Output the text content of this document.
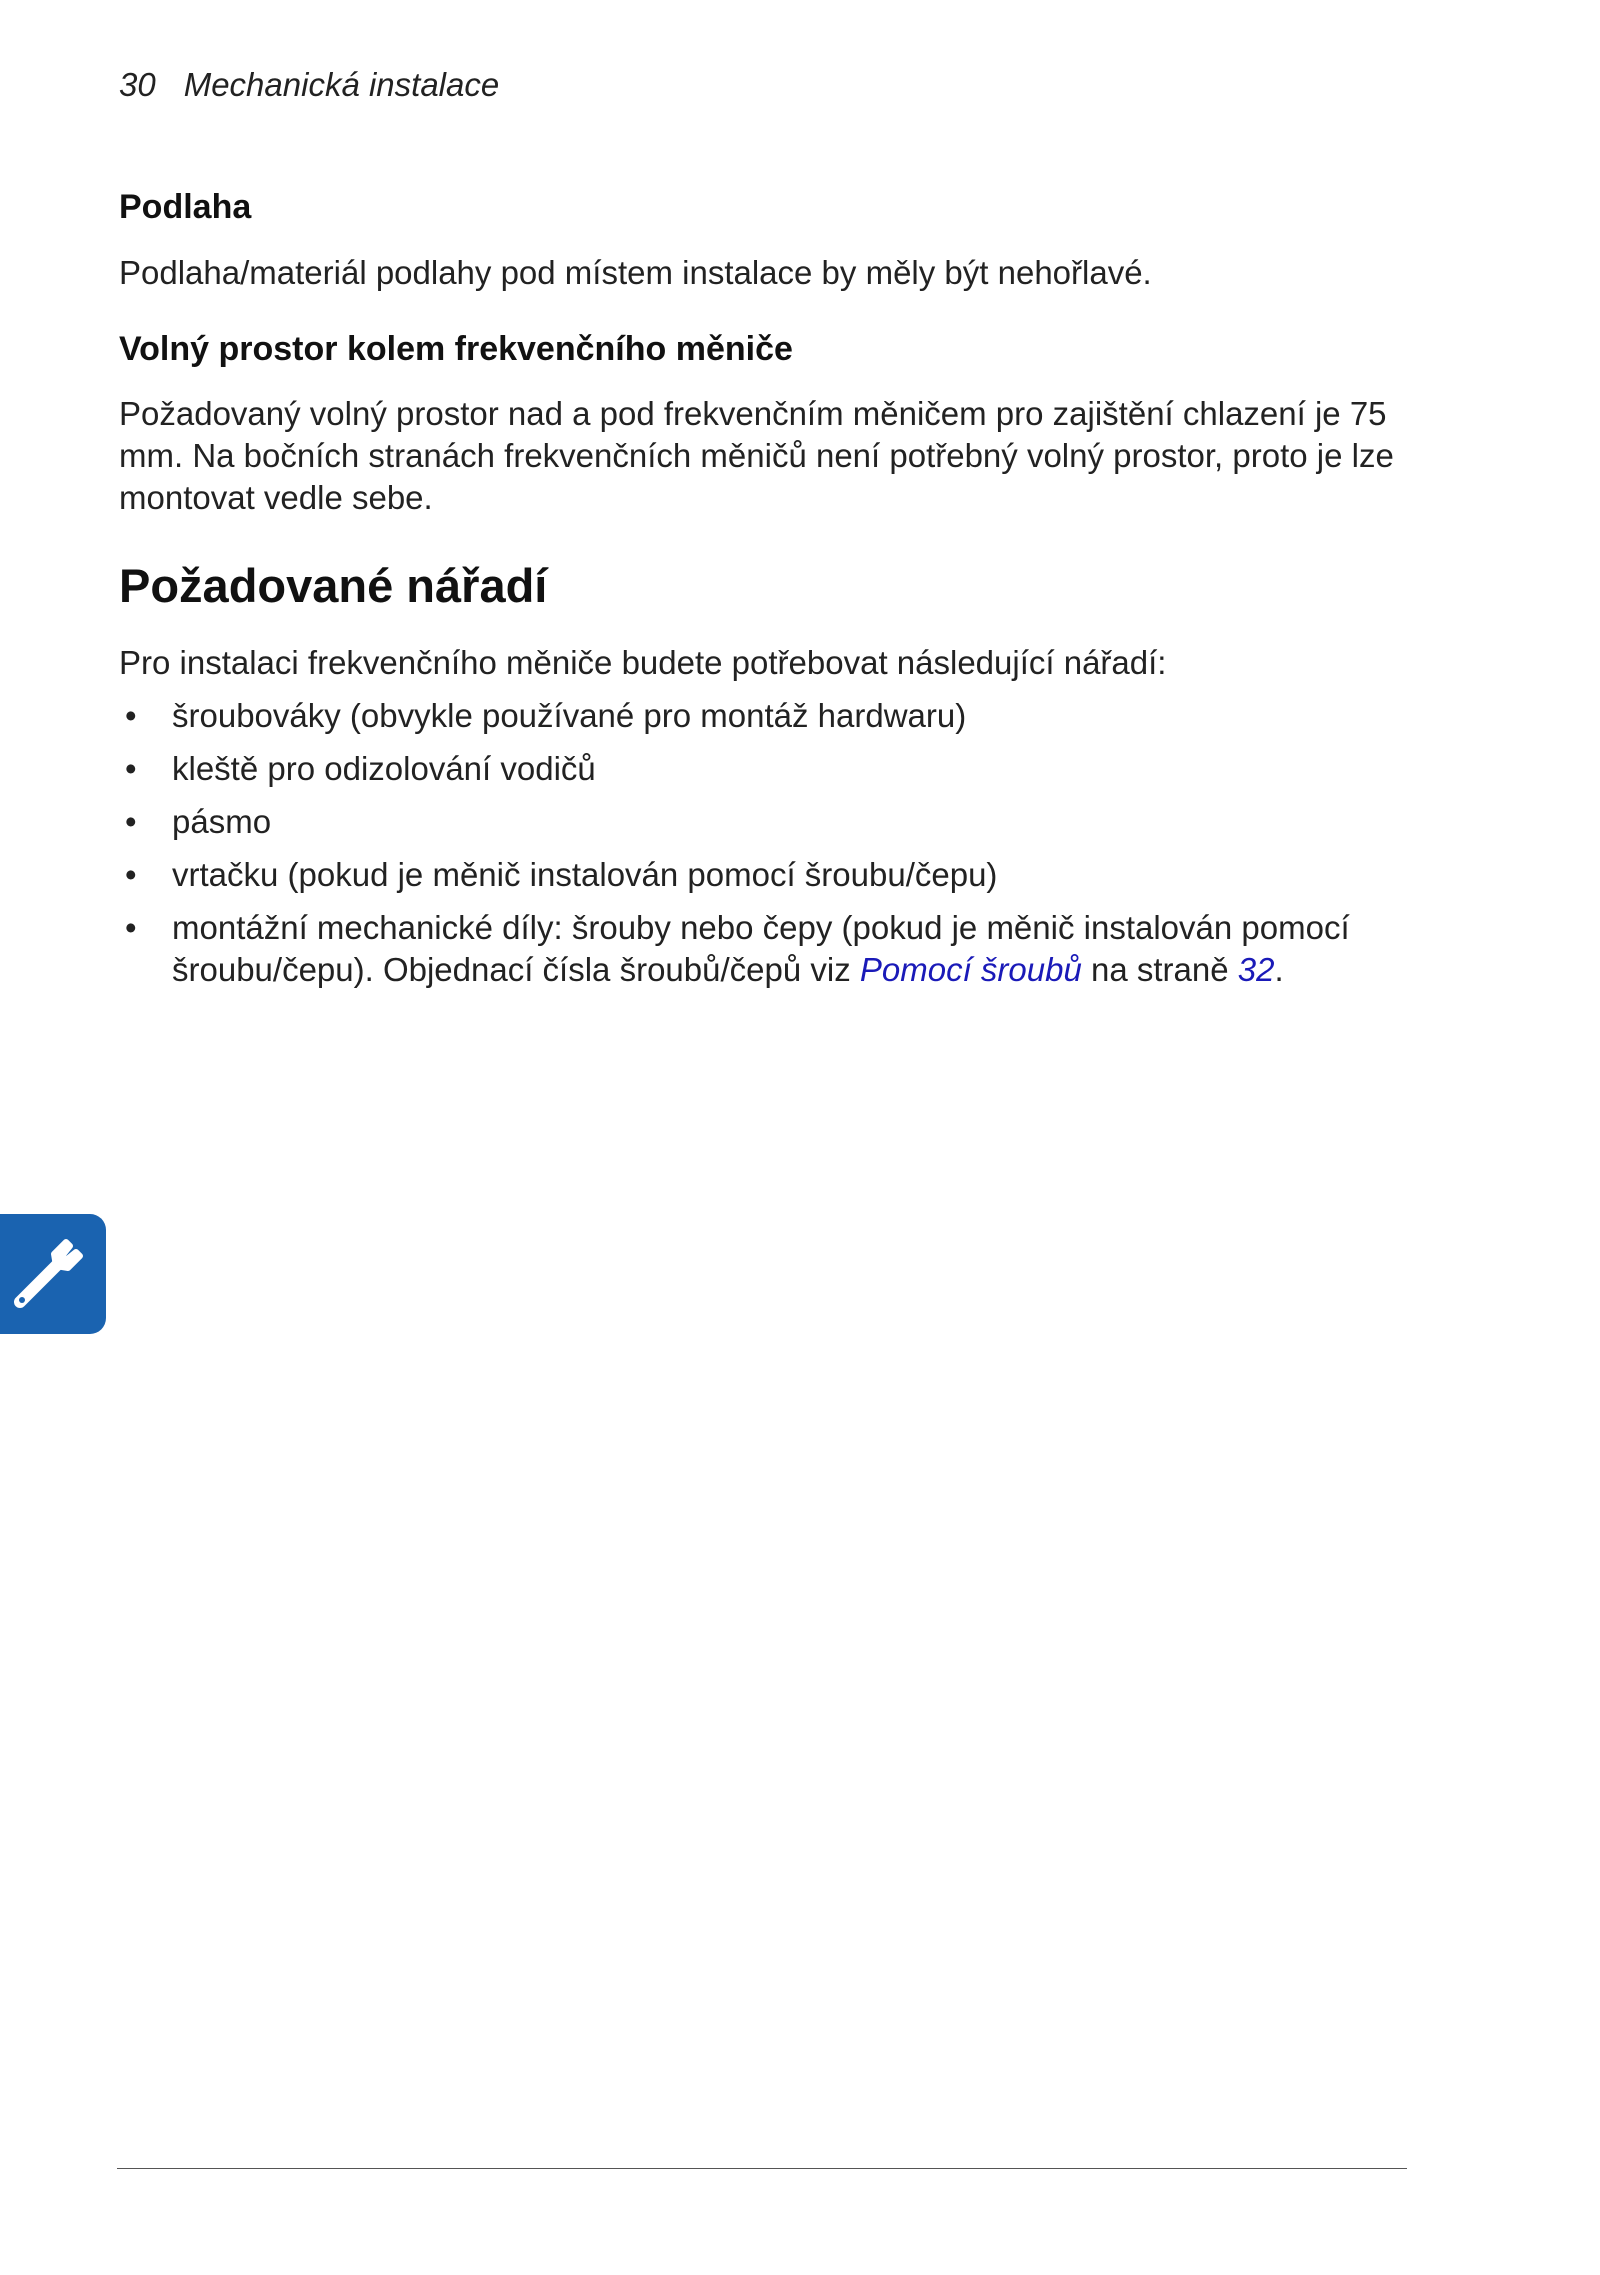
30 Mechanická instalace
Podlaha

Podlaha/materiál podlahy pod místem instalace by měly být nehořlavé.

Volný prostor kolem frekvenčního měniče

Požadovaný volný prostor nad a pod frekvenčním měničem pro zajištění chlazení je 75 mm. Na bočních stranách frekvenčních měničů není potřebný volný prostor, proto je lze montovat vedle sebe.

Požadované nářadí

Pro instalaci frekvenčního měniče budete potřebovat následující nářadí:

• šroubováky (obvykle používané pro montáž hardwaru)
• kleště pro odizolování vodičů
• pásmo
• vrtačku (pokud je měnič instalován pomocí šroubu/čepu)
• montážní mechanické díly: šrouby nebo čepy (pokud je měnič instalován pomocí šroubu/čepu). Objednací čísla šroubů/čepů viz Pomocí šroubů na straně 32.
